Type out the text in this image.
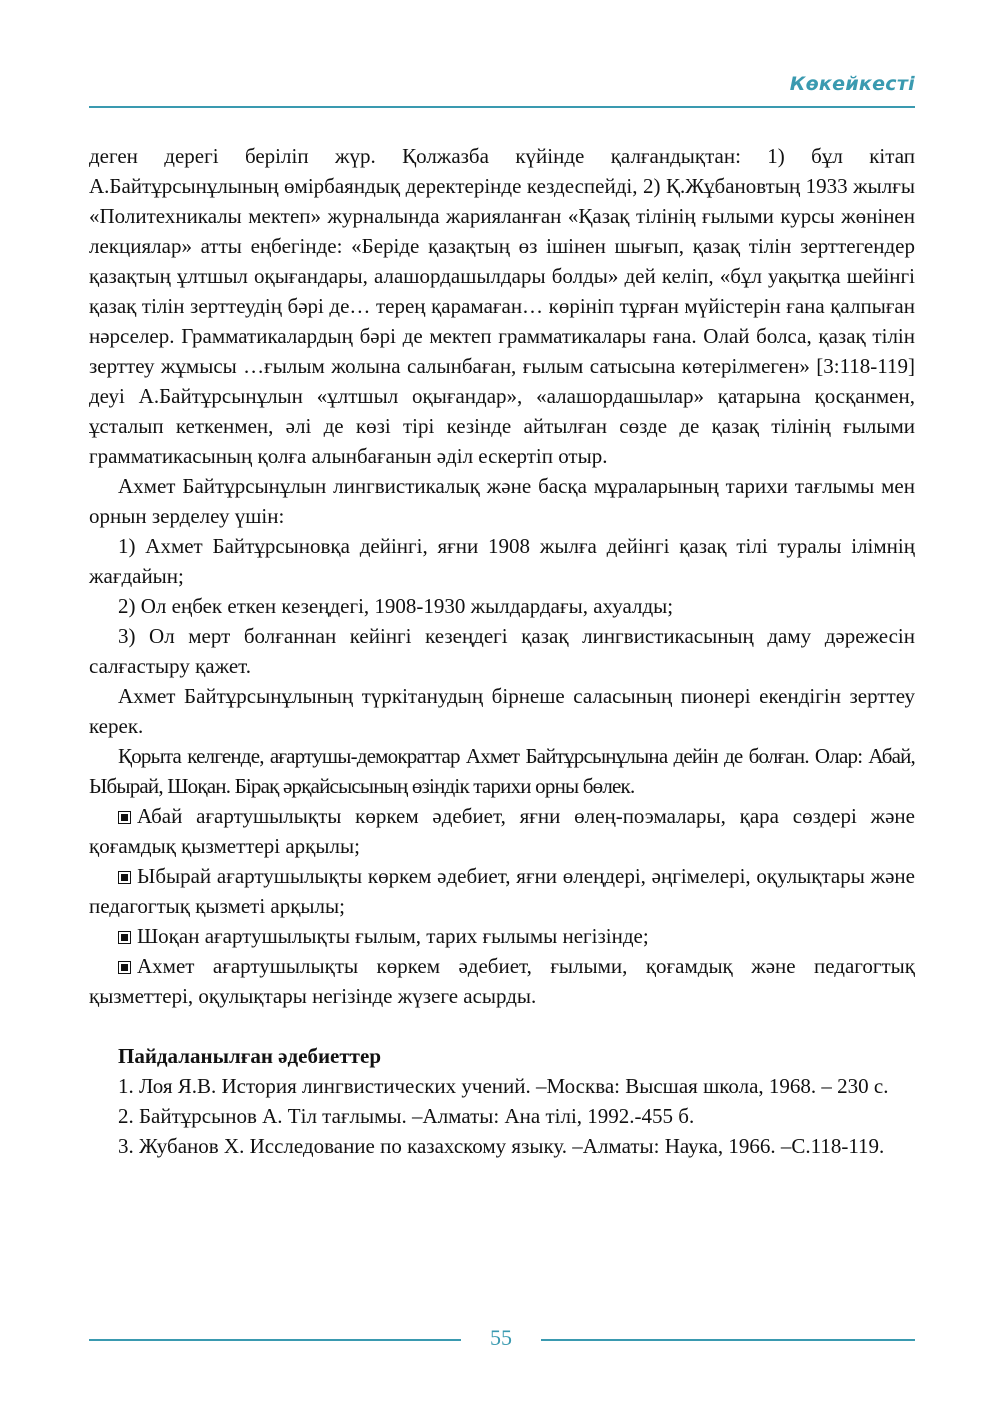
Көкейкесті

деген дерегі беріліп жүр. Қолжазба күйінде қалғандықтан: 1) бұл кітап А.Байтұрсынұлының өмірбаяндық деректерінде кездеспейді, 2) Қ.Жұбановтың 1933 жылғы «Политехникалы мектеп» журналында жарияланған «Қазақ тілінің ғылыми курсы жөнінен лекциялар» атты еңбегінде: «Беріде қазақтың өз ішінен шығып, қазақ тілін зерттегендер қазақтың ұлтшыл оқығандары, алашордашылдары болды» дей келіп, «бұл уақытқа шейінгі қазақ тілін зерттеудің бәрі де… терең қарамаған… көрініп тұрған мүйістерін ғана қалпыған нәрселер. Грамматикалардың бәрі де мектеп грамматикалары ғана. Олай болса, қазақ тілін зерттеу жұмысы …ғылым жолына салынбаған, ғылым сатысына көтерілмеген» [3:118-119] деуі А.Байтұрсынұлын «ұлтшыл оқығандар», «алашордашылар» қатарына қосқанмен, ұсталып кеткенмен, әлі де көзі тірі кезінде айтылған сөзде де қазақ тілінің ғылыми грамматикасының қолға алынбағанын әділ ескертіп отыр.

Ахмет Байтұрсынұлын лингвистикалық және басқа мұраларының тарихи тағлымы мен орнын зерделеу үшін:

1) Ахмет Байтұрсыновқа дейінгі, яғни 1908 жылға дейінгі қазақ тілі туралы ілімнің жағдайын;

2) Ол еңбек еткен кезеңдегі, 1908-1930 жылдардағы, ахуалды;

3) Ол мерт болғаннан кейінгі кезеңдегі қазақ лингвистикасының даму дәрежесін салғастыру қажет.

Ахмет Байтұрсынұлының түркітанудың бірнеше саласының пионері екендігін зерттеу керек.

Қорыта келгенде, ағартушы-демократтар Ахмет Байтұрсынұлына дейін де болған. Олар: Абай, Ыбырай, Шоқан. Бірақ әрқайсысының өзіндік тарихи орны бөлек.

Абай ағартушылықты көркем әдебиет, яғни өлең-поэмалары, қара сөздері және қоғамдық қызметтері арқылы;

Ыбырай ағартушылықты көркем әдебиет, яғни өлеңдері, әңгімелері, оқулықтары және педагогтық қызметі арқылы;

Шоқан ағартушылықты ғылым, тарих ғылымы негізінде;

Ахмет ағартушылықты көркем әдебиет, ғылыми, қоғамдық және педагогтық қызметтері, оқулықтары негізінде жүзеге асырды.

Пайдаланылған әдебиеттер

1. Лоя Я.В. История лингвистических учений. –Москва: Высшая школа, 1968. – 230 с.

2. Байтұрсынов А. Тіл тағлымы. –Алматы: Ана тілі, 1992.-455 б.

3. Жубанов Х. Исследование по казахскому языку. –Алматы: Наука, 1966. –С.118-119.

55
